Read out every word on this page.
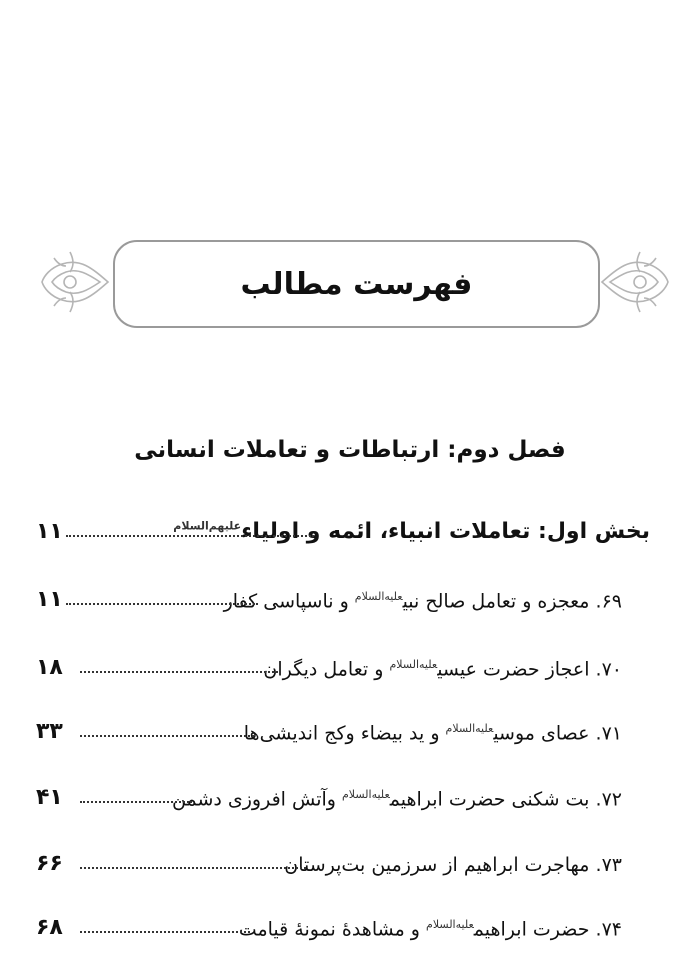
فهرست مطالب
فصل دوم: ارتباطات و تعاملات انسانی
بخش اول: تعاملات انبیاء، ائمه و اولیاء$^{علیهم‌السلام}$
۱۱
۶۹. معجزه و تعامل صالح نبی$^{علیه‌السلام}$ و ناسپاسی کفار
۱۱
۷۰. اعجاز حضرت عیسی$^{علیه‌السلام}$ و تعامل دیگران
۱۸
۷۱. عصای موسی$^{علیه‌السلام}$ و ید بیضاء وکج اندیشی‌ها
۳۳
۷۲. بت شکنی حضرت ابراهیم$^{علیه‌السلام}$ وآتش افروزی دشمن
۴۱
۷۳. مهاجرت ابراهیم از سرزمین بت‌پرستان
۶۶
۷۴. حضرت ابراهیم$^{علیه‌السلام}$ و مشاهدهٔ نمونهٔ قیامت
۶۸
